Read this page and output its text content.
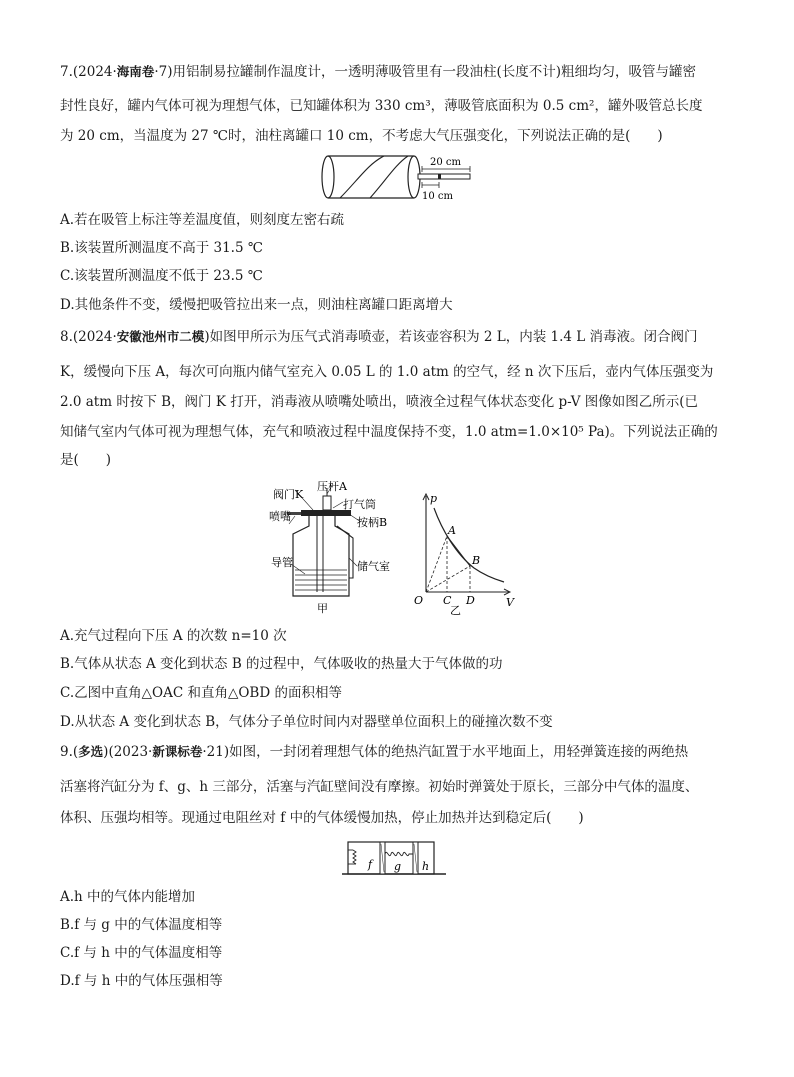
7.(2024·海南卷·7)用铝制易拉罐制作温度计，一透明薄吸管里有一段油柱(长度不计)粗细均匀，吸管与罐密
封性良好，罐内气体可视为理想气体，已知罐体积为 330 cm³，薄吸管底面积为 0.5 cm²，罐外吸管总长度
为 20 cm，当温度为 27 ℃时，油柱离罐口 10 cm，不考虑大气压强变化，下列说法正确的是(　　)
20 cm
10 cm
A.若在吸管上标注等差温度值，则刻度左密右疏
B.该装置所测温度不高于 31.5 ℃
C.该装置所测温度不低于 23.5 ℃
D.其他条件不变，缓慢把吸管拉出来一点，则油柱离罐口距离增大
8.(2024·安徽池州市二模)如图甲所示为压气式消毒喷壶，若该壶容积为 2 L，内装 1.4 L 消毒液。闭合阀门
K，缓慢向下压 A，每次可向瓶内储气室充入 0.05 L 的 1.0 atm 的空气，经 n 次下压后，壶内气体压强变为
2.0 atm 时按下 B，阀门 K 打开，消毒液从喷嘴处喷出，喷液全过程气体状态变化 p-V 图像如图乙所示(已
知储气室内气体可视为理想气体，充气和喷液过程中温度保持不变，1.0 atm=1.0×10⁵ Pa)。下列说法正确的
是(　　)
阀门K
压杆A
打气筒
喷嘴	按柄B
导管	储气室
甲
p
V
O
A
B
C D
乙
A.充气过程向下压 A 的次数 n=10 次
B.气体从状态 A 变化到状态 B 的过程中，气体吸收的热量大于气体做的功
C.乙图中直角△OAC 和直角△OBD 的面积相等
D.从状态 A 变化到状态 B，气体分子单位时间内对器壁单位面积上的碰撞次数不变
9.(多选)(2023·新课标卷·21)如图，一封闭着理想气体的绝热汽缸置于水平地面上，用轻弹簧连接的两绝热
活塞将汽缸分为 f、g、h 三部分，活塞与汽缸壁间没有摩擦。初始时弹簧处于原长，三部分中气体的温度、
体积、压强均相等。现通过电阻丝对 f 中的气体缓慢加热，停止加热并达到稳定后(　　)
f g h
A.h 中的气体内能增加
B.f 与 g 中的气体温度相等
C.f 与 h 中的气体温度相等
D.f 与 h 中的气体压强相等
